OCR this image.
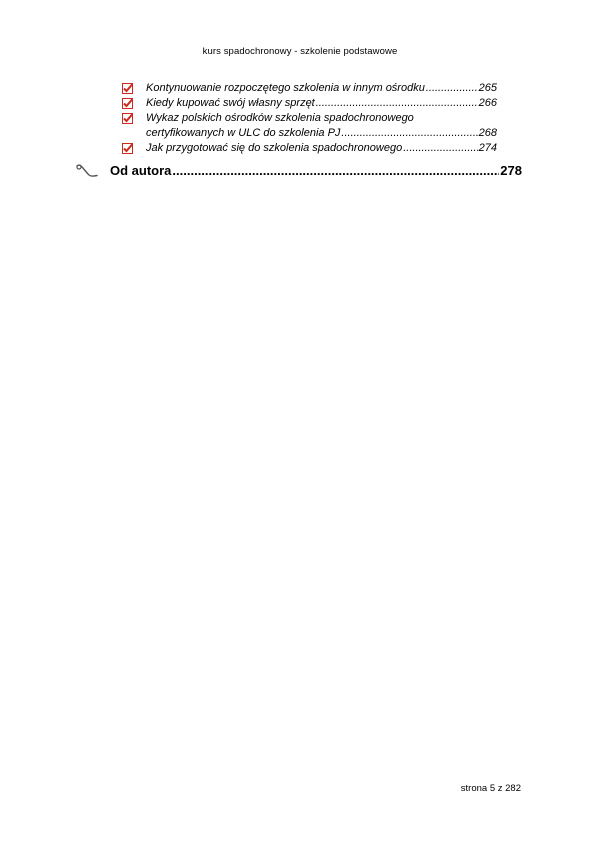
kurs spadochronowy - szkolenie podstawowe
Kontynuowanie rozpoczętego szkolenia w innym ośrodku .....	265
Kiedy kupować swój własny sprzęt .....	266
Wykaz polskich ośrodków szkolenia spadochronowego
certyfikowanych w ULC do szkolenia PJ .....	268
Jak przygotować się do szkolenia spadochronowego .....	274
Od autora .....	278
strona 5 z 282
